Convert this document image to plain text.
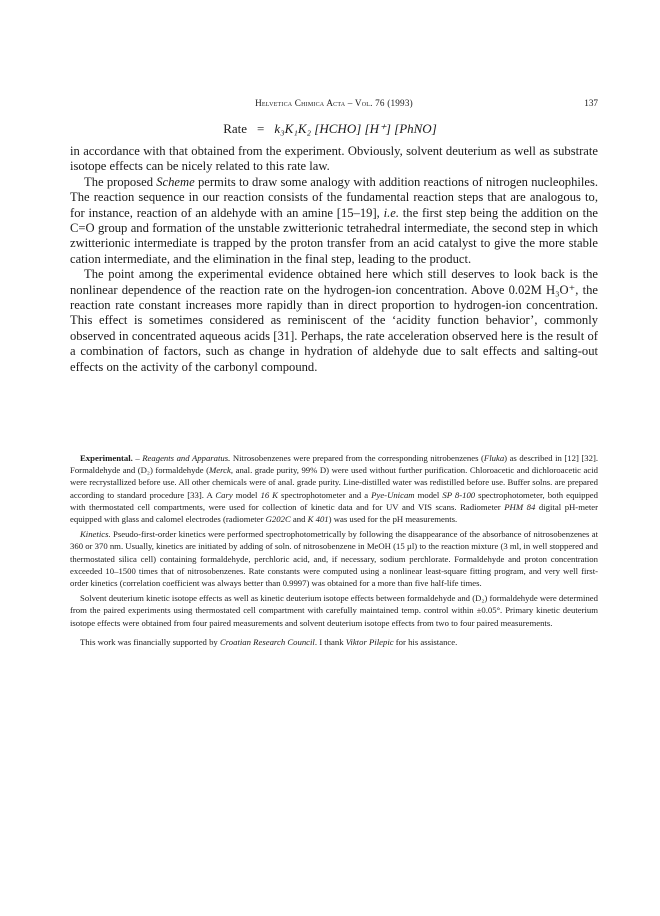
Helvetica Chimica Acta – Vol. 76 (1993)	137
Rate = k₃K₁K₂ [HCHO] [H⁺] [PhNO]

in accordance with that obtained from the experiment. Obviously, solvent deuterium as well as substrate isotope effects can be nicely related to this rate law.

The proposed Scheme permits to draw some analogy with addition reactions of nitrogen nucleophiles. The reaction sequence in our reaction consists of the fundamental reaction steps that are analogous to, for instance, reaction of an aldehyde with an amine [15–19], i.e. the first step being the addition on the C=O group and formation of the unstable zwitterionic tetrahedral intermediate, the second step in which zwitterionic intermediate is trapped by the proton transfer from an acid catalyst to give the more stable cation intermediate, and the elimination in the final step, leading to the product.

The point among the experimental evidence obtained here which still deserves to look back is the nonlinear dependence of the reaction rate on the hydrogen-ion concentration. Above 0.02M H₃O⁺, the reaction rate constant increases more rapidly than in direct proportion to hydrogen-ion concentration. This effect is sometimes considered as reminiscent of the ‘acidity function behavior’, commonly observed in concentrated aqueous acids [31]. Perhaps, the rate acceleration observed here is the result of a combination of factors, such as change in hydration of aldehyde due to salt effects and salting-out effects on the activity of the carbonyl compound.

Experimental. – Reagents and Apparatus. Nitrosobenzenes were prepared from the corresponding nitrobenzenes (Fluka) as described in [12] [32]. Formaldehyde and (D₂) formaldehyde (Merck, anal. grade purity, 99% D) were used without further purification. Chloroacetic and dichloroacetic acid were recrystallized before use. All other chemicals were of anal. grade purity. Line-distilled water was redistilled before use. Buffer solns. are prepared according to standard procedure [33]. A Cary model 16 K spectrophotometer and a Pye-Unicam model SP 8-100 spectrophotometer, both equipped with thermostated cell compartments, were used for collection of kinetic data and for UV and VIS scans. Radiometer PHM 84 digital pH-meter equipped with glass and calomel electrodes (radiometer G202C and K 401) was used for the pH measurements.

Kinetics. Pseudo-first-order kinetics were performed spectrophotometrically by following the disappearance of the absorbance of nitrosobenzenes at 360 or 370 nm. Usually, kinetics are initiated by adding of soln. of nitrosobenzene in MeOH (15 µl) to the reaction mixture (3 ml, in well stoppered and thermostated silica cell) containing formaldehyde, perchloric acid, and, if necessary, sodium perchlorate. Formaldehyde and proton concentration exceeded 10–1500 times that of nitrosobenzenes. Rate constants were computed using a nonlinear least-square fitting program, and very well first-order kinetics (correlation coefficient was always better than 0.9997) was obtained for a more than five half-life times.

Solvent deuterium kinetic isotope effects as well as kinetic deuterium isotope effects between formaldehyde and (D₂) formaldehyde were determined from the paired experiments using thermostated cell compartment with carefully maintained temp. control within ±0.05°. Primary kinetic deuterium isotope effects were obtained from four paired measurements and solvent deuterium isotope effects from two to four paired measurements.

This work was financially supported by Croatian Research Council. I thank Viktor Pilepic for his assistance.
